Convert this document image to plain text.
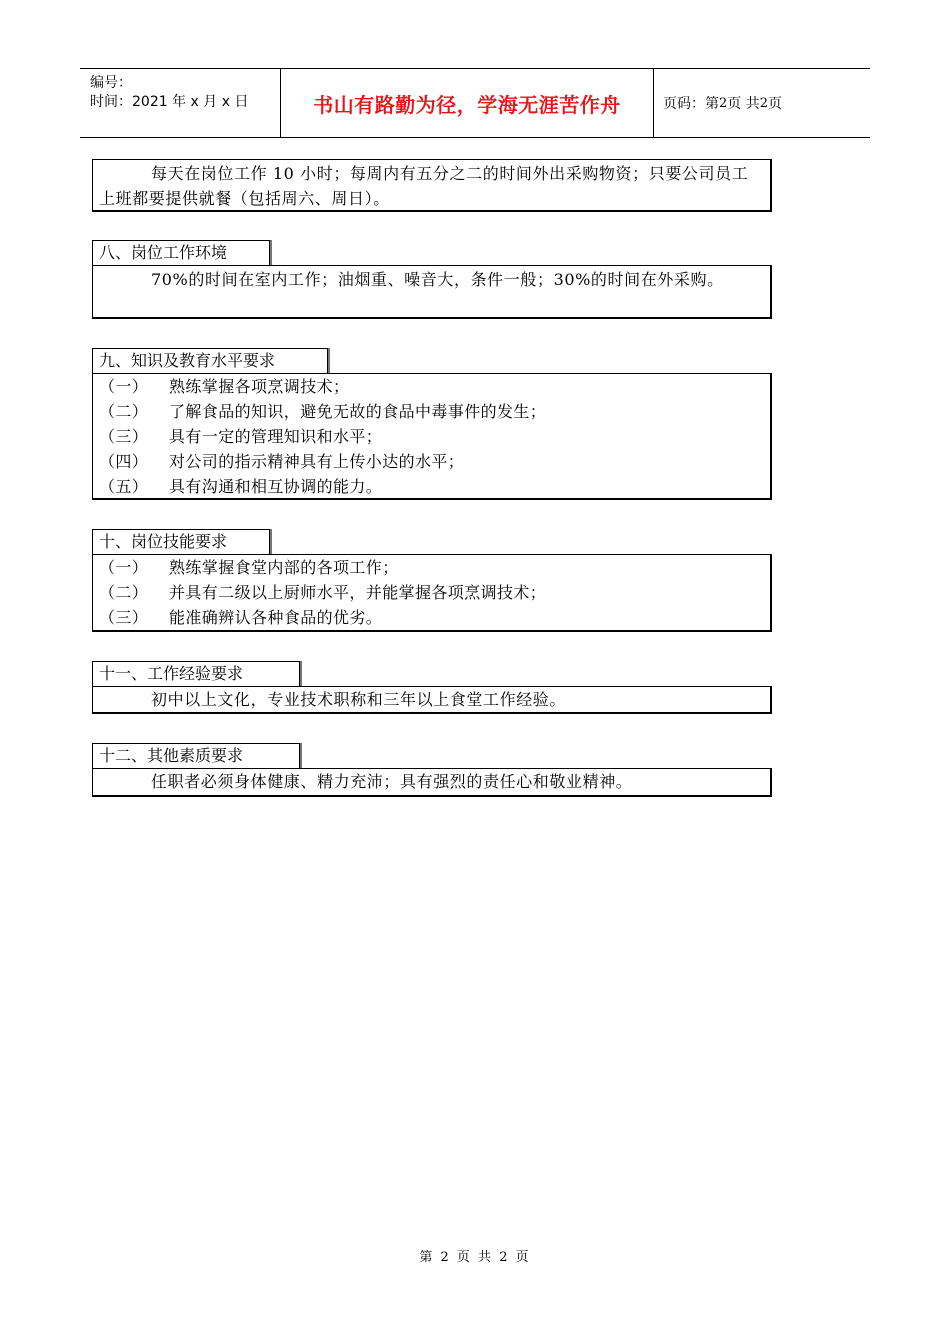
编号：
时间：2021 年 x 月 x 日	书山有路勤为径，学海无涯苦作舟	页码：第 2 页 共 2 页
每天在岗位工作 10 小时；每周内有五分之二的时间外出采购物资；只要公司员工上班都要提供就餐（包括周六、周日）。
八、岗位工作环境
70%的时间在室内工作；油烟重、噪音大，条件一般；30%的时间在外采购。
九、知识及教育水平要求
（一） 熟练掌握各项烹调技术；
（二） 了解食品的知识，避免无故的食品中毒事件的发生；
（三） 具有一定的管理知识和水平；
（四） 对公司的指示精神具有上传小达的水平；
（五） 具有沟通和相互协调的能力。
十、岗位技能要求
（一） 熟练掌握食堂内部的各项工作；
（二） 并具有二级以上厨师水平，并能掌握各项烹调技术；
（三） 能准确辨认各种食品的优劣。
十一、工作经验要求
初中以上文化，专业技术职称和三年以上食堂工作经验。
十二、其他素质要求
任职者必须身体健康、精力充沛；具有强烈的责任心和敬业精神。
第 2 页 共 2 页
